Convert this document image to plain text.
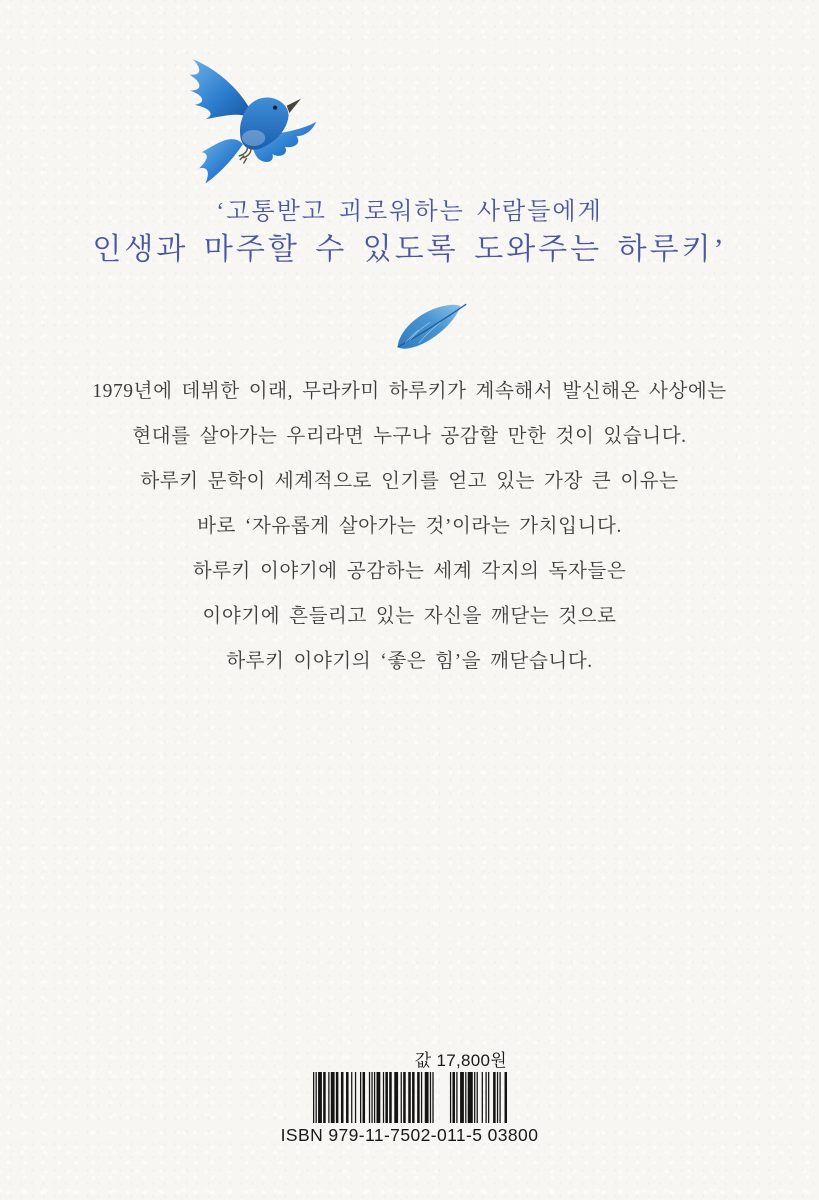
‘고통받고 괴로워하는 사람들에게
인생과 마주할 수 있도록 도와주는 하루키’
1979년에 데뷔한 이래, 무라카미 하루키가 계속해서 발신해온 사상에는
현대를 살아가는 우리라면 누구나 공감할 만한 것이 있습니다.
하루키 문학이 세계적으로 인기를 얻고 있는 가장 큰 이유는
바로 ‘자유롭게 살아가는 것’이라는 가치입니다.
하루키 이야기에 공감하는 세계 각지의 독자들은
이야기에 흔들리고 있는 자신을 깨닫는 것으로
하루키 이야기의 ‘좋은 힘’을 깨닫습니다.
값 17,800원
ISBN 979-11-7502-011-5 03800
